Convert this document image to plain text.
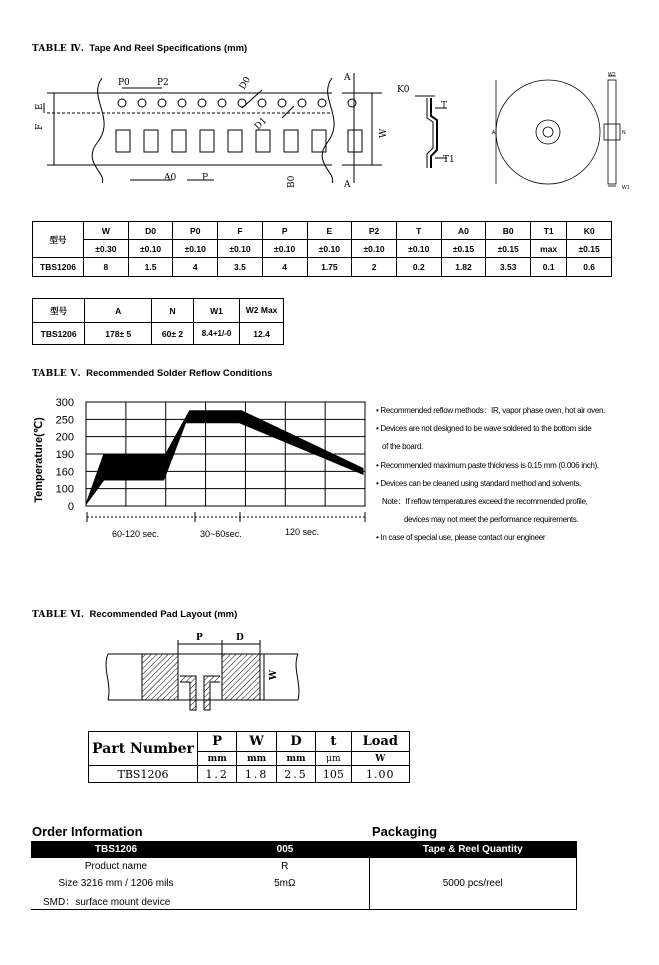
TABLE Ⅳ. Tape And Reel Specifications (mm)
P0	P2	D0
D1
A0	P	B0
F
E
W
A
A
K0
T
T1
A	N
W1
W2
型号	W	D0	P0	F	P	E	P2	T	A0	B0	T1	K0
	±0.30	±0.10	±0.10	±0.10	±0.10	±0.10	±0.10	±0.10	±0.15	±0.15	max	±0.15
TBS1206	8	1.5	4	3.5	4	1.75	2	0.2	1.82	3.53	0.1	0.6
型号	A	N	W1	W2 Max
TBS1206	178± 5	60± 2	8.4+1/-0	12.4
TABLE Ⅴ. Recommended Solder Reflow Conditions
0
100
160
190
200
250
300
Temperature(℃)
60-120 sec.	30~60sec.	120 sec.
• Recommended reflow methods：IR, vapor phase oven, hot air oven.
• Devices are not designed to be wave soldered to the bottom side
of the board.
• Recommended maximum paste thickness is 0.15 mm (0.006 inch).
• Devices can be cleaned using standard method and solvents.
Note：If reflow temperatures exceed the recommended profile,
devices may not meet the performance requirements.
• In case of special use, please contact our engineer
TABLE Ⅵ. Recommended Pad Layout (mm)
P	D
W
Part Number	P	W	D	t	Load
	mm	mm	mm	μm	W
TBS1206	1.2	1.8	2.5	105	1.00
Order Information	Packaging
TBS1206	005	Tape & Reel Quantity
Product name	R	5000 pcs/reel
Size 3216 mm / 1206 mils	5mΩ	
SMD：surface mount device		
